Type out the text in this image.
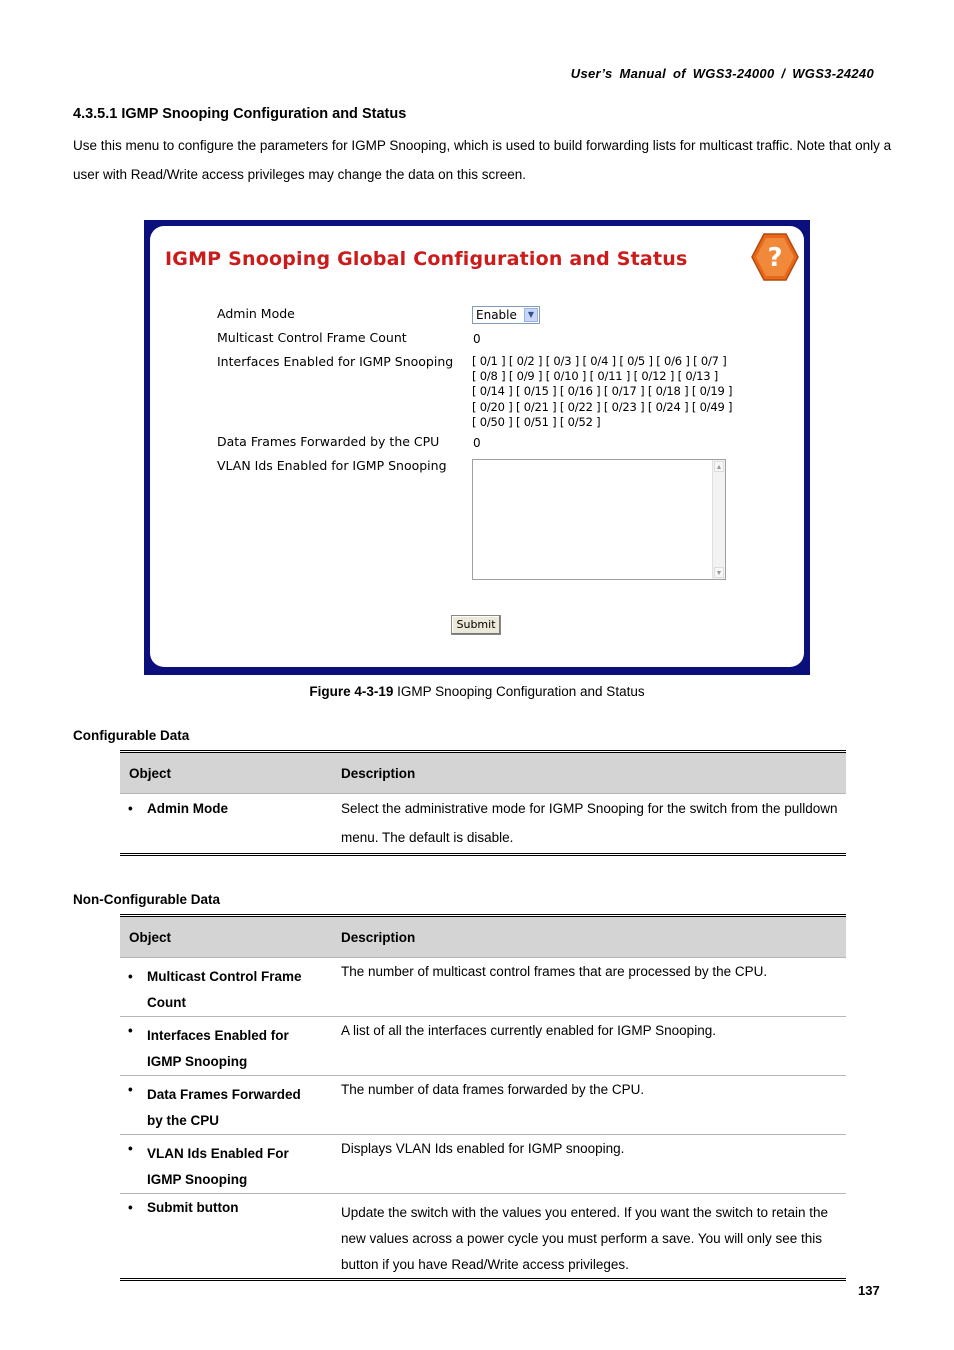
User’s Manual of WGS3-24000 / WGS3-24240
4.3.5.1 IGMP Snooping Configuration and Status
Use this menu to configure the parameters for IGMP Snooping, which is used to build forwarding lists for multicast traffic. Note that only a user with Read/Write access privileges may change the data on this screen.
IGMP Snooping Global Configuration and Status	?
Admin Mode	Enable	▼
Multicast Control Frame Count	0
Interfaces Enabled for IGMP Snooping [ 0/1 ] [ 0/2 ] [ 0/3 ] [ 0/4 ] [ 0/5 ] [ 0/6 ] [ 0/7 ]
[ 0/8 ] [ 0/9 ] [ 0/10 ] [ 0/11 ] [ 0/12 ] [ 0/13 ]
[ 0/14 ] [ 0/15 ] [ 0/16 ] [ 0/17 ] [ 0/18 ] [ 0/19 ]
[ 0/20 ] [ 0/21 ] [ 0/22 ] [ 0/23 ] [ 0/24 ] [ 0/49 ]
[ 0/50 ] [ 0/51 ] [ 0/52 ]
Data Frames Forwarded by the CPU	0
VLAN Ids Enabled for IGMP Snooping	▲
▼
Submit
Figure 4-3-19 IGMP Snooping Configuration and Status
Configurable Data
Object	Description

• Admin Mode	Select the administrative mode for IGMP Snooping for the switch from the pulldown menu. The default is disable.
Non-Configurable Data
Object	Description

• Multicast Control Frame Count	The number of multicast control frames that are processed by the CPU.

• Interfaces Enabled for IGMP Snooping	A list of all the interfaces currently enabled for IGMP Snooping.

• Data Frames Forwarded by the CPU	The number of data frames forwarded by the CPU.

• VLAN Ids Enabled For IGMP Snooping	Displays VLAN Ids enabled for IGMP snooping.

• Submit button	Update the switch with the values you entered. If you want the switch to retain the new values across a power cycle you must perform a save. You will only see this button if you have Read/Write access privileges.
137
